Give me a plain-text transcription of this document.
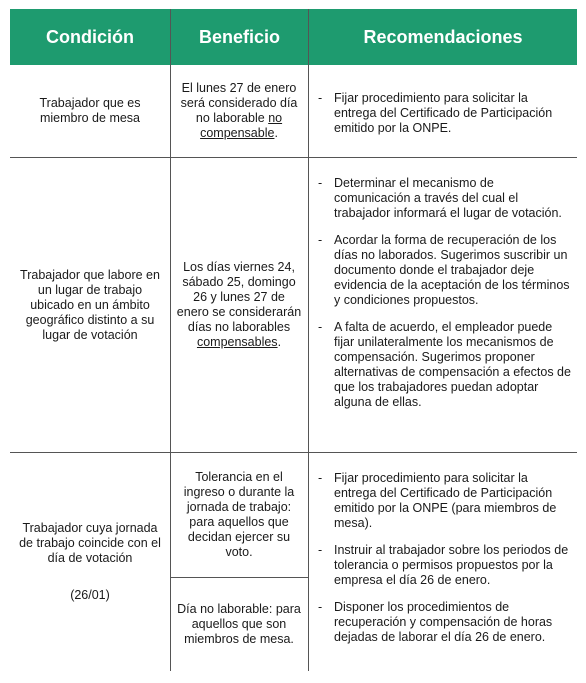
Condición	Beneficio	Recomendaciones
Trabajador que es miembro de mesa
El lunes 27 de enero será considerado día no laborable no compensable.
- Fijar procedimiento para solicitar la entrega del Certificado de Participación emitido por la ONPE.
Trabajador que labore en un lugar de trabajo ubicado en un ámbito geográfico distinto a su lugar de votación
Los días viernes 24, sábado 25, domingo 26 y lunes 27 de enero se considerarán días no laborables compensables.
- Determinar el mecanismo de comunicación a través del cual el trabajador informará el lugar de votación.
- Acordar la forma de recuperación de los días no laborados. Sugerimos suscribir un documento donde el trabajador deje evidencia de la aceptación de los términos y condiciones propuestos.
- A falta de acuerdo, el empleador puede fijar unilateralmente los mecanismos de compensación. Sugerimos proponer alternativas de compensación a efectos de que los trabajadores puedan adoptar alguna de ellas.
Trabajador cuya jornada de trabajo coincide con el día de votación
(26/01)
Tolerancia en el ingreso o durante la jornada de trabajo: para aquellos que decidan ejercer su voto.
Día no laborable: para aquellos que son miembros de mesa.
- Fijar procedimiento para solicitar la entrega del Certificado de Participación emitido por la ONPE (para miembros de mesa).
- Instruir al trabajador sobre los periodos de tolerancia o permisos propuestos por la empresa el día 26 de enero.
- Disponer los procedimientos de recuperación y compensación de horas dejadas de laborar el día 26 de enero.
